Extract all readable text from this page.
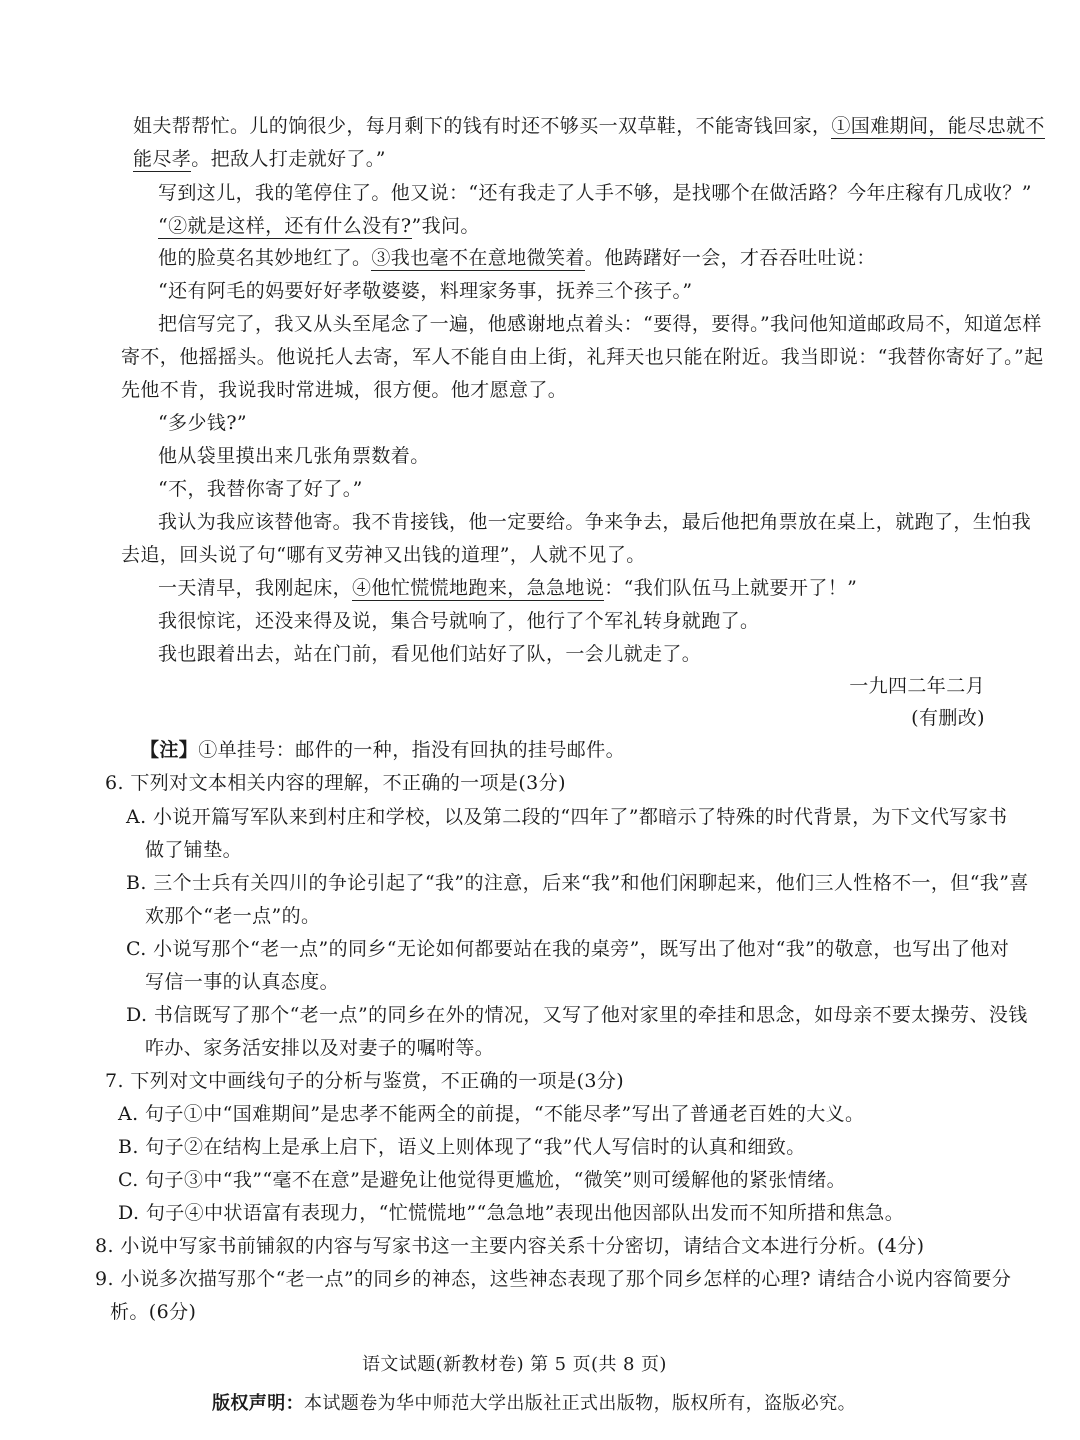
姐夫帮帮忙。儿的饷很少，每月剩下的钱有时还不够买一双草鞋，不能寄钱回家，①国难期间，能尽忠就不
能尽孝。把敌人打走就好了。”
写到这儿，我的笔停住了。他又说：“还有我走了人手不够，是找哪个在做活路？今年庄稼有几成收？”
“②就是这样，还有什么没有?”我问。
他的脸莫名其妙地红了。③我也毫不在意地微笑着。他踌躇好一会，才吞吞吐吐说：
“还有阿毛的妈要好好孝敬婆婆，料理家务事，抚养三个孩子。”
把信写完了，我又从头至尾念了一遍，他感谢地点着头：“要得，要得。”我问他知道邮政局不，知道怎样
寄不，他摇摇头。他说托人去寄，军人不能自由上街，礼拜天也只能在附近。我当即说：“我替你寄好了。”起
先他不肯，我说我时常进城，很方便。他才愿意了。
“多少钱?”
他从袋里摸出来几张角票数着。
“不，我替你寄了好了。”
我认为我应该替他寄。我不肯接钱，他一定要给。争来争去，最后他把角票放在桌上，就跑了，生怕我
去追，回头说了句“哪有叉劳神又出钱的道理”，人就不见了。
一天清早，我刚起床，④他忙慌慌地跑来，急急地说：“我们队伍马上就要开了！”
我很惊诧，还没来得及说，集合号就响了，他行了个军礼转身就跑了。
我也跟着出去，站在门前，看见他们站好了队，一会儿就走了。
一九四二年二月
(有删改)
【注】①单挂号：邮件的一种，指没有回执的挂号邮件。
6. 下列对文本相关内容的理解，不正确的一项是(3分)
A. 小说开篇写军队来到村庄和学校，以及第二段的“四年了”都暗示了特殊的时代背景，为下文代写家书
做了铺垫。
B. 三个士兵有关四川的争论引起了“我”的注意，后来“我”和他们闲聊起来，他们三人性格不一，但“我”喜
欢那个“老一点”的。
C. 小说写那个“老一点”的同乡“无论如何都要站在我的桌旁”，既写出了他对“我”的敬意，也写出了他对
写信一事的认真态度。
D. 书信既写了那个“老一点”的同乡在外的情况，又写了他对家里的牵挂和思念，如母亲不要太操劳、没钱
咋办、家务活安排以及对妻子的嘱咐等。
7. 下列对文中画线句子的分析与鉴赏，不正确的一项是(3分)
A. 句子①中“国难期间”是忠孝不能两全的前提，“不能尽孝”写出了普通老百姓的大义。
B. 句子②在结构上是承上启下，语义上则体现了“我”代人写信时的认真和细致。
C. 句子③中“我”“毫不在意”是避免让他觉得更尴尬，“微笑”则可缓解他的紧张情绪。
D. 句子④中状语富有表现力，“忙慌慌地”“急急地”表现出他因部队出发而不知所措和焦急。
8. 小说中写家书前铺叙的内容与写家书这一主要内容关系十分密切，请结合文本进行分析。(4分)
9. 小说多次描写那个“老一点”的同乡的神态，这些神态表现了那个同乡怎样的心理? 请结合小说内容简要分
析。(6分)
语文试题(新教材卷) 第 5 页(共 8 页)
版权声明：本试题卷为华中师范大学出版社正式出版物，版权所有，盗版必究。
